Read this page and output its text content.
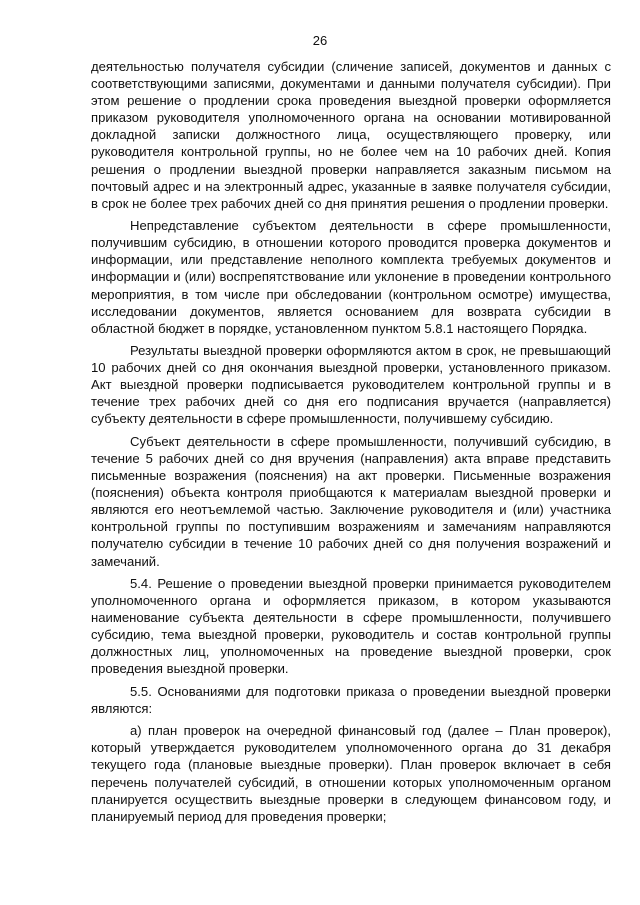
26

деятельностью получателя субсидии (сличение записей, документов и данных с соответствующими записями, документами и данными получателя субсидии). При этом решение о продлении срока проведения выездной проверки оформляется приказом руководителя уполномоченного органа на основании мотивированной докладной записки должностного лица, осуществляющего проверку, или руководителя контрольной группы, но не более чем на 10 рабочих дней. Копия решения о продлении выездной проверки направляется заказным письмом на почтовый адрес и на электронный адрес, указанные в заявке получателя субсидии, в срок не более трех рабочих дней со дня принятия решения о продлении проверки.

Непредставление субъектом деятельности в сфере промышленности, получившим субсидию, в отношении которого проводится проверка документов и информации, или представление неполного комплекта требуемых документов и информации и (или) воспрепятствование или уклонение в проведении контрольного мероприятия, в том числе при обследовании (контрольном осмотре) имущества, исследовании документов, является основанием для возврата субсидии в областной бюджет в порядке, установленном пунктом 5.8.1 настоящего Порядка.

Результаты выездной проверки оформляются актом в срок, не превышающий 10 рабочих дней со дня окончания выездной проверки, установленного приказом. Акт выездной проверки подписывается руководителем контрольной группы и в течение трех рабочих дней со дня его подписания вручается (направляется) субъекту деятельности в сфере промышленности, получившему субсидию.

Субъект деятельности в сфере промышленности, получивший субсидию, в течение 5 рабочих дней со дня вручения (направления) акта вправе представить письменные возражения (пояснения) на акт проверки. Письменные возражения (пояснения) объекта контроля приобщаются к материалам выездной проверки и являются его неотъемлемой частью. Заключение руководителя и (или) участника контрольной группы по поступившим возражениям и замечаниям направляются получателю субсидии в течение 10 рабочих дней со дня получения возражений и замечаний.

5.4. Решение о проведении выездной проверки принимается руководителем уполномоченного органа и оформляется приказом, в котором указываются наименование субъекта деятельности в сфере промышленности, получившего субсидию, тема выездной проверки, руководитель и состав контрольной группы должностных лиц, уполномоченных на проведение выездной проверки, срок проведения выездной проверки.

5.5. Основаниями для подготовки приказа о проведении выездной проверки являются:

а) план проверок на очередной финансовый год (далее – План проверок), который утверждается руководителем уполномоченного органа до 31 декабря текущего года (плановые выездные проверки). План проверок включает в себя перечень получателей субсидий, в отношении которых уполномоченным органом планируется осуществить выездные проверки в следующем финансовом году, и планируемый период для проведения проверки;
